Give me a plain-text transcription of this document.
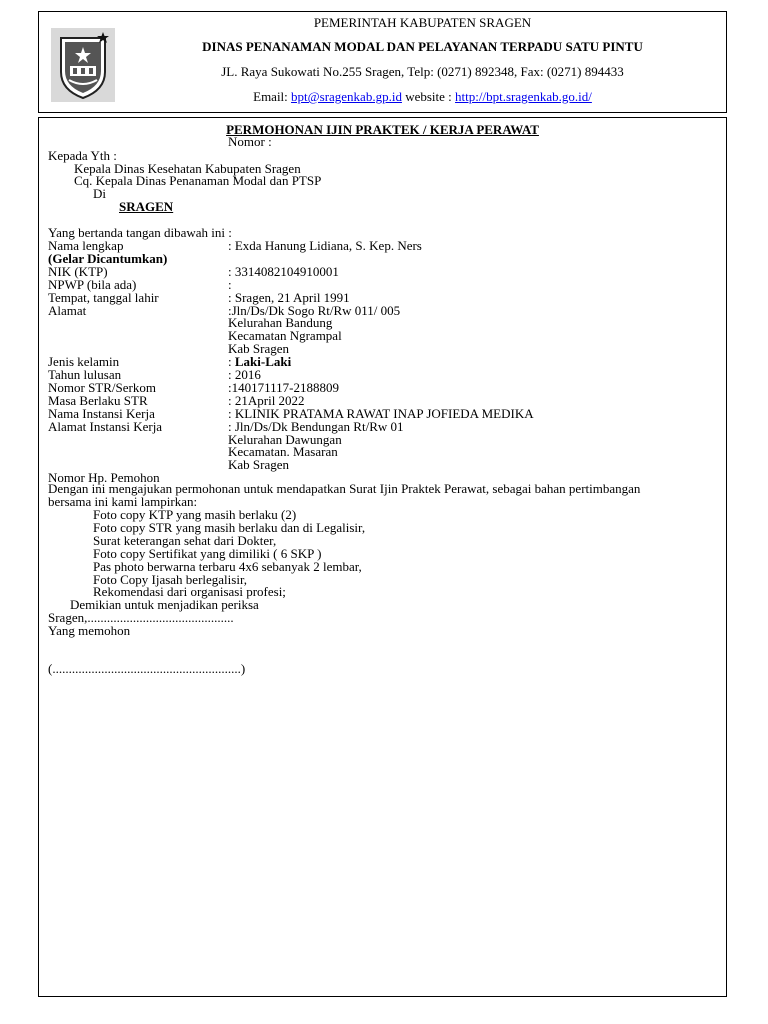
PEMERINTAH KABUPATEN SRAGEN
DINAS PENANAMAN MODAL DAN PELAYANAN TERPADU SATU PINTU
JL. Raya Sukowati No.255 Sragen, Telp: (0271) 892348, Fax: (0271) 894433
Email: bpt@sragenkab.gp.id website : http://bpt.sragenkab.go.id/
PERMOHONAN IJIN PRAKTEK / KERJA PERAWAT
Nomor :
Kepada Yth :
Kepala Dinas Kesehatan Kabupaten Sragen
Cq. Kepala Dinas Penanaman Modal dan PTSP
Di
SRAGEN
Yang bertanda tangan dibawah ini :
Nama lengkap	: Exda Hanung Lidiana, S. Kep. Ners
(Gelar Dicantumkan)
NIK (KTP)	: 3314082104910001
NPWP (bila ada)	:
Tempat, tanggal lahir	: Sragen, 21 April 1991
Alamat	:Jln/Ds/Dk Sogo Rt/Rw 011/ 005
Kelurahan Bandung
Kecamatan Ngrampal
Kab Sragen
Jenis kelamin	: Laki-Laki
Tahun lulusan	: 2016
Nomor STR/Serkom	:140171117-2188809
Masa Berlaku STR	: 21April 2022
Nama Instansi Kerja	: KLINIK PRATAMA RAWAT INAP JOFIEDA MEDIKA
Alamat Instansi Kerja	: Jln/Ds/Dk Bendungan Rt/Rw 01
Kelurahan Dawungan
Kecamatan. Masaran
Kab Sragen
Nomor Hp. Pemohon
Dengan ini mengajukan permohonan untuk mendapatkan Surat Ijin Praktek Perawat, sebagai bahan pertimbangan
bersama ini kami lampirkan:
Foto copy KTP yang masih berlaku (2)
Foto copy STR yang masih berlaku dan di Legalisir,
Surat keterangan sehat dari Dokter,
Foto copy Sertifikat yang dimiliki ( 6 SKP )
Pas photo berwarna terbaru 4x6 sebanyak 2 lembar,
Foto Copy Ijasah berlegalisir,
Rekomendasi dari organisasi profesi;
Demikian untuk menjadikan periksa
Sragen,.............................................
Yang memohon
(..........................................................)
